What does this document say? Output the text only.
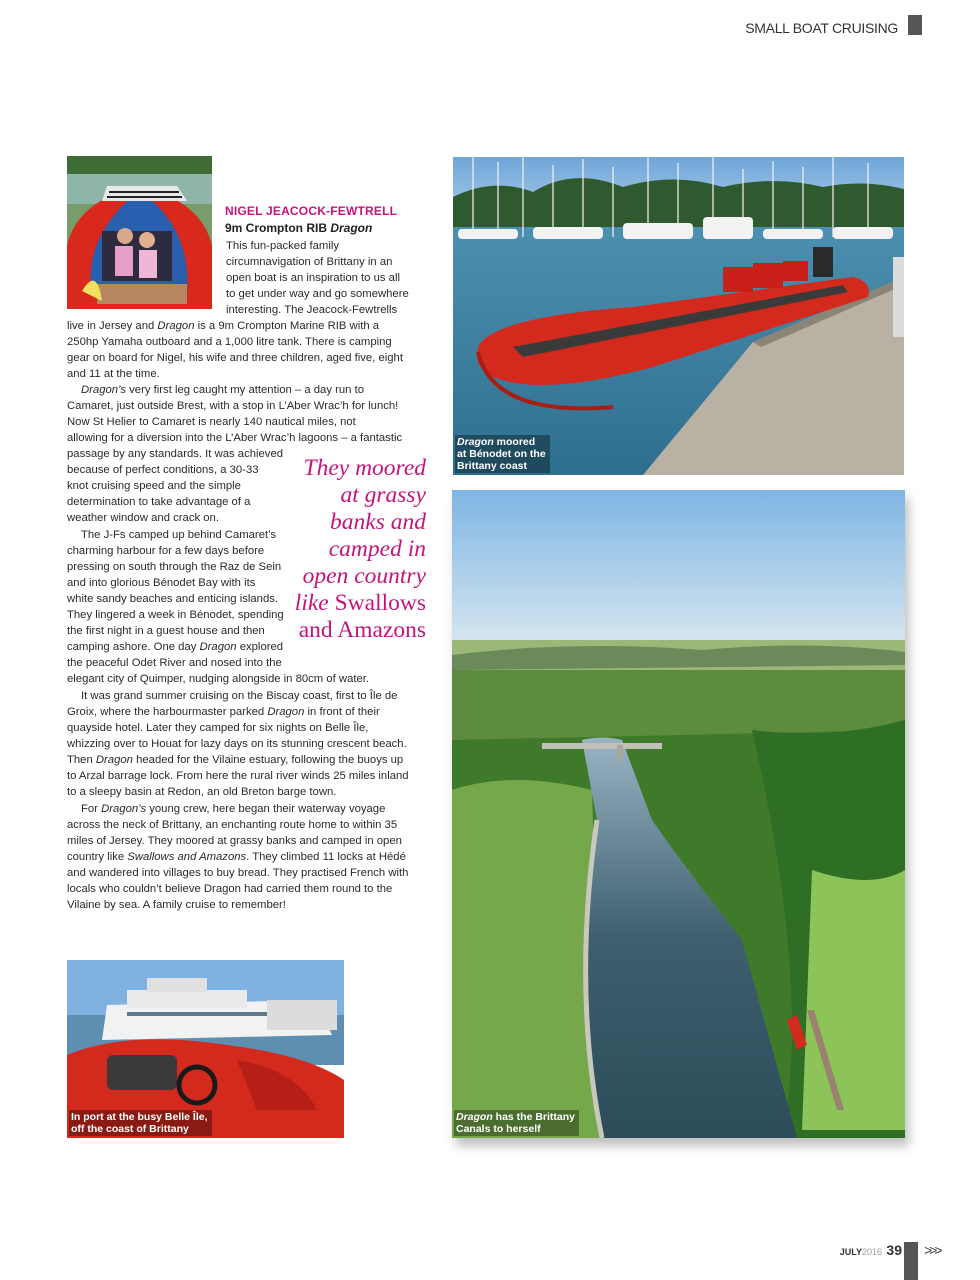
SMALL BOAT CRUISING
Dragon moored
at Bénodet on the
Brittany coast
Dragon has the Brittany
Canals to herself
In port at the busy Belle Île,
off the coast of Brittany
NIGEL JEACOCK-FEWTRELL
9m Crompton RIB Dragon
This fun-packed family
circumnavigation of Brittany in an
open boat is an inspiration to us all
to get under way and go somewhere
interesting. The Jeacock-Fewtrells
live in Jersey and Dragon is a 9m Crompton Marine RIB with a
250hp Yamaha outboard and a 1,000 litre tank. There is camping
gear on board for Nigel, his wife and three children, aged five, eight
and 11 at the time.
Dragon’s very first leg caught my attention – a day run to
Camaret, just outside Brest, with a stop in L’Aber Wrac’h for lunch!
Now St Helier to Camaret is nearly 140 nautical miles, not
allowing for a diversion into the L’Aber Wrac’h lagoons – a fantastic
passage by any standards. It was achieved
because of perfect conditions, a 30-33
knot cruising speed and the simple
determination to take advantage of a
weather window and crack on.
The J-Fs camped up behind Camaret’s
charming harbour for a few days before
pressing on south through the Raz de Sein
and into glorious Bénodet Bay with its
white sandy beaches and enticing islands.
They lingered a week in Bénodet, spending
the first night in a guest house and then
camping ashore. One day Dragon explored
the peaceful Odet River and nosed into the
elegant city of Quimper, nudging alongside in 80cm of water.
It was grand summer cruising on the Biscay coast, first to Île de
Groix, where the harbourmaster parked Dragon in front of their
quayside hotel. Later they camped for six nights on Belle Île,
whizzing over to Houat for lazy days on its stunning crescent beach.
Then Dragon headed for the Vilaine estuary, following the buoys up
to Arzal barrage lock. From here the rural river winds 25 miles inland
to a sleepy basin at Redon, an old Breton barge town.
For Dragon’s young crew, here began their waterway voyage
across the neck of Brittany, an enchanting route home to within 35
miles of Jersey. They moored at grassy banks and camped in open
country like Swallows and Amazons. They climbed 11 locks at Hédé
and wandered into villages to buy bread. They practised French with
locals who couldn’t believe Dragon had carried them round to the
Vilaine by sea. A family cruise to remember!
They moored
at grassy
banks and
camped in
open country
like Swallows
and Amazons
JULY2016 39 >>>
